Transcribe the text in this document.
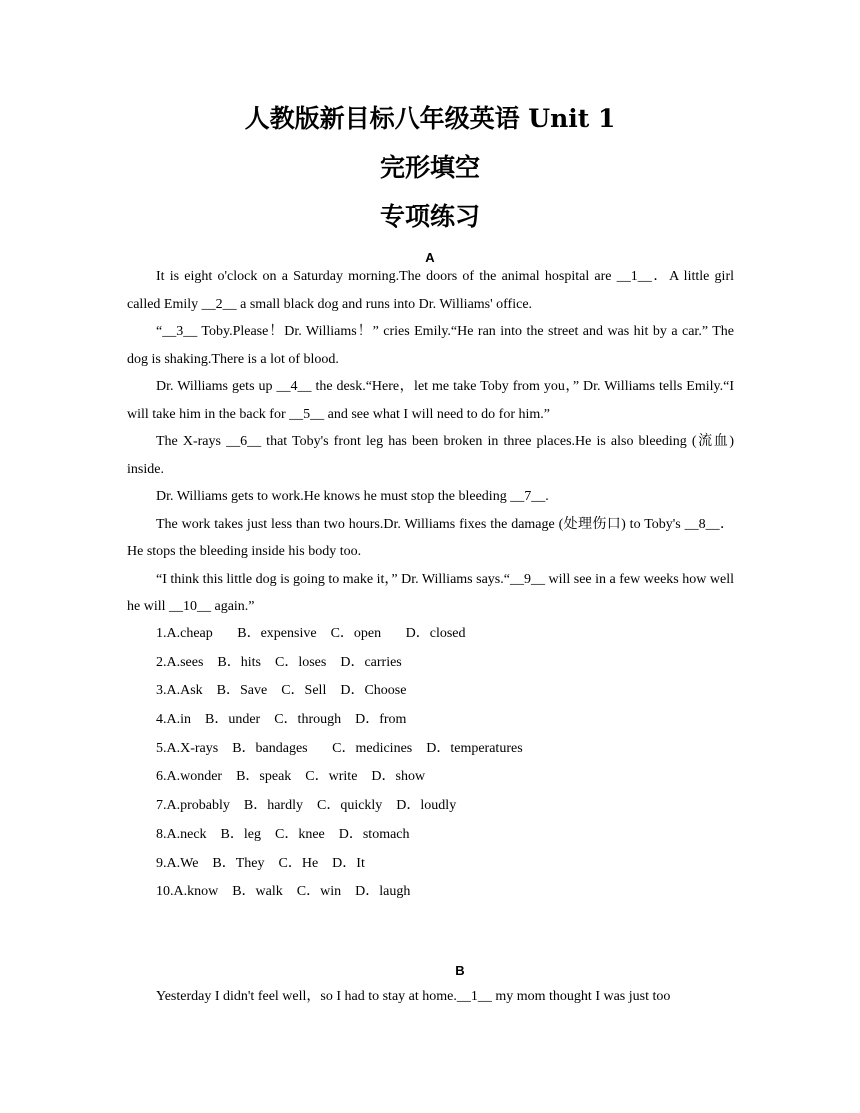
人教版新目标八年级英语 Unit 1
完形填空
专项练习
A

It is eight o'clock on a Saturday morning.The doors of the animal hospital are __1__．A little girl called Emily __2__ a small black dog and runs into Dr. Williams' office.

“__3__ Toby.Please！Dr. Williams！” cries Emily.“He ran into the street and was hit by a car.” The dog is shaking.There is a lot of blood.

Dr. Williams gets up __4__ the desk.“Here，let me take Toby from you，” Dr. Williams tells Emily.“I will take him in the back for __5__ and see what I will need to do for him.”

The X-rays __6__ that Toby's front leg has been broken in three places.He is also bleeding (流血) inside.

Dr. Williams gets to work.He knows he must stop the bleeding __7__.

The work takes just less than two hours.Dr. Williams fixes the damage (处理伤口) to Toby's __8__．He stops the bleeding inside his body too.

“I think this little dog is going to make it，” Dr. Williams says.“__9__ will see in a few weeks how well he will __10__ again.”

1.A.cheap       B．expensive    C．open       D．closed
2.A.sees    B．hits    C．loses    D．carries
3.A.Ask    B．Save    C．Sell    D．Choose
4.A.in    B．under    C．through    D．from
5.A.X-rays    B．bandages       C．medicines    D．temperatures
6.A.wonder    B．speak    C．write    D．show
7.A.probably    B．hardly    C．quickly    D．loudly
8.A.neck    B．leg    C．knee    D．stomach
9.A.We    B．They    C．He    D．It
10.A.know    B．walk    C．win    D．laugh
B

Yesterday I didn't feel well，so I had to stay at home.__1__ my mom thought I was just too
